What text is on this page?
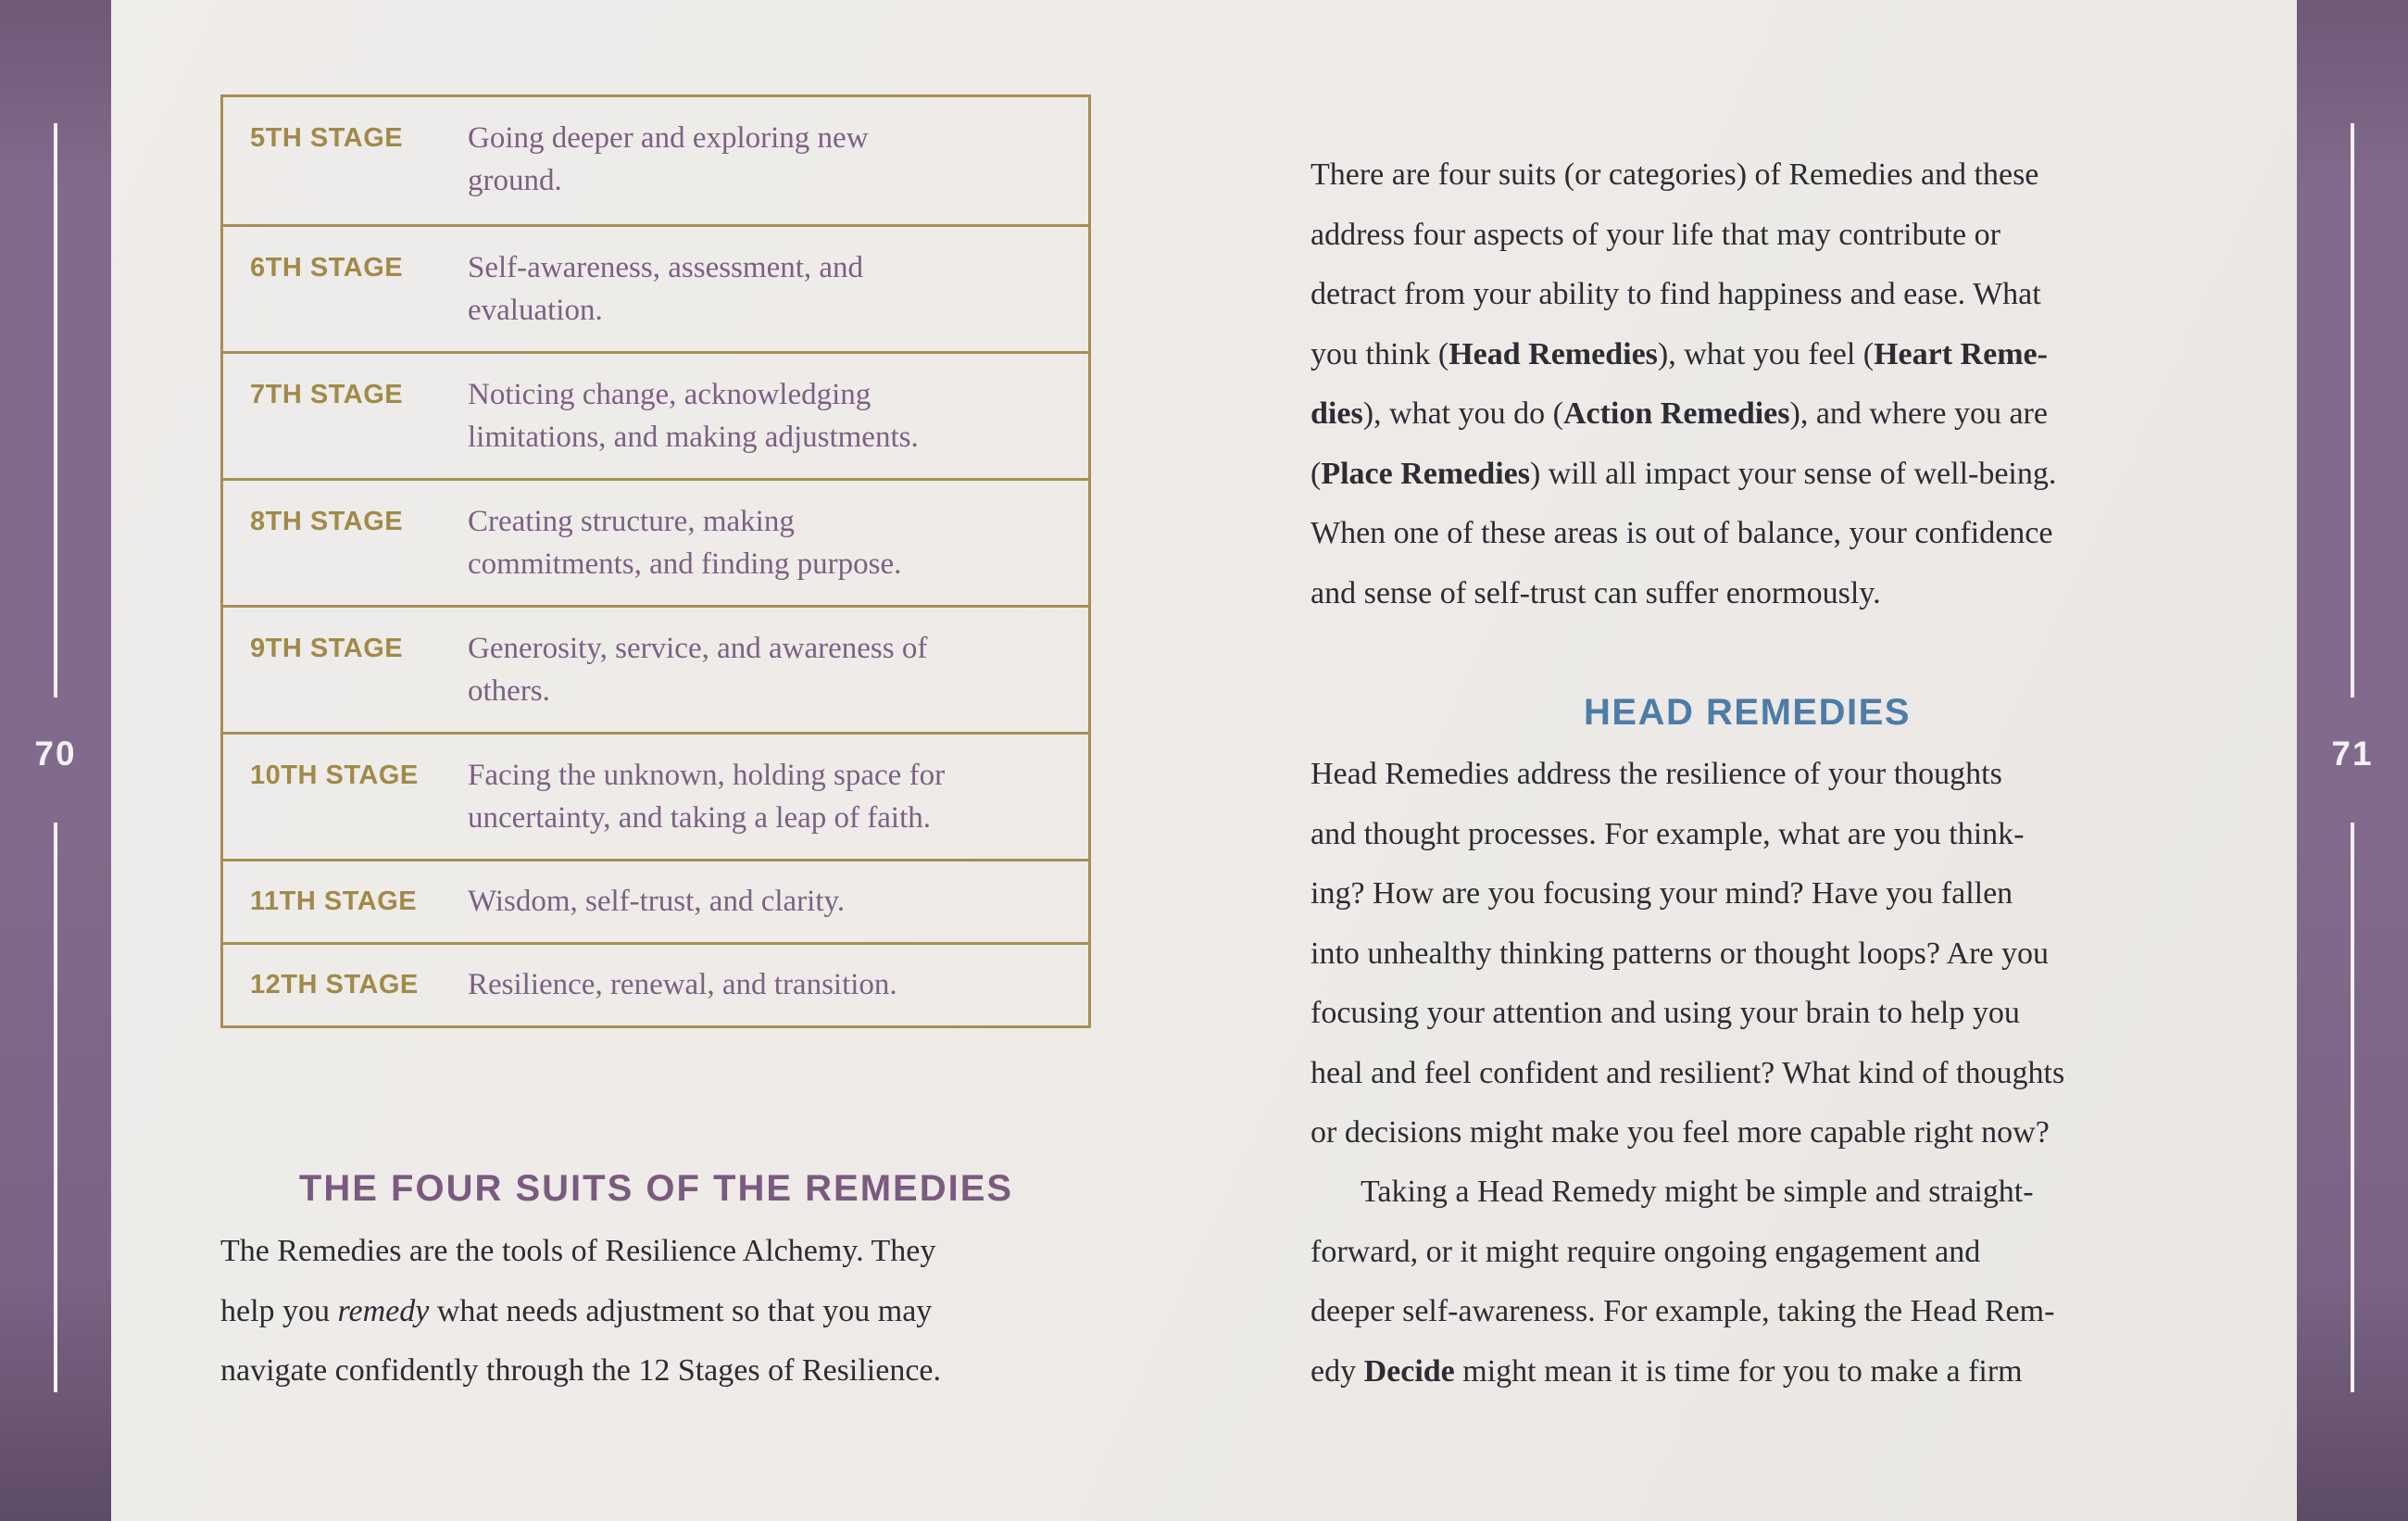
70	71
5TH STAGE	Going deeper and exploring new
ground.
6TH STAGE	Self-awareness, assessment, and
evaluation.
7TH STAGE	Noticing change, acknowledging
limitations, and making adjustments.
8TH STAGE	Creating structure, making
commitments, and finding purpose.
9TH STAGE	Generosity, service, and awareness of
others.
10TH STAGE	Facing the unknown, holding space for
uncertainty, and taking a leap of faith.
11TH STAGE	Wisdom, self-trust, and clarity.
12TH STAGE	Resilience, renewal, and transition.
THE FOUR SUITS OF THE REMEDIES
The Remedies are the tools of Resilience Alchemy. They
help you remedy what needs adjustment so that you may
navigate confidently through the 12 Stages of Resilience.
There are four suits (or categories) of Remedies and these
address four aspects of your life that may contribute or
detract from your ability to find happiness and ease. What
you think (Head Remedies), what you feel (Heart Reme-
dies), what you do (Action Remedies), and where you are
(Place Remedies) will all impact your sense of well-being.
When one of these areas is out of balance, your confidence
and sense of self-trust can suffer enormously.
HEAD REMEDIES
Head Remedies address the resilience of your thoughts
and thought processes. For example, what are you think-
ing? How are you focusing your mind? Have you fallen
into unhealthy thinking patterns or thought loops? Are you
focusing your attention and using your brain to help you
heal and feel confident and resilient? What kind of thoughts
or decisions might make you feel more capable right now?
Taking a Head Remedy might be simple and straight-
forward, or it might require ongoing engagement and
deeper self-awareness. For example, taking the Head Rem-
edy Decide might mean it is time for you to make a firm
